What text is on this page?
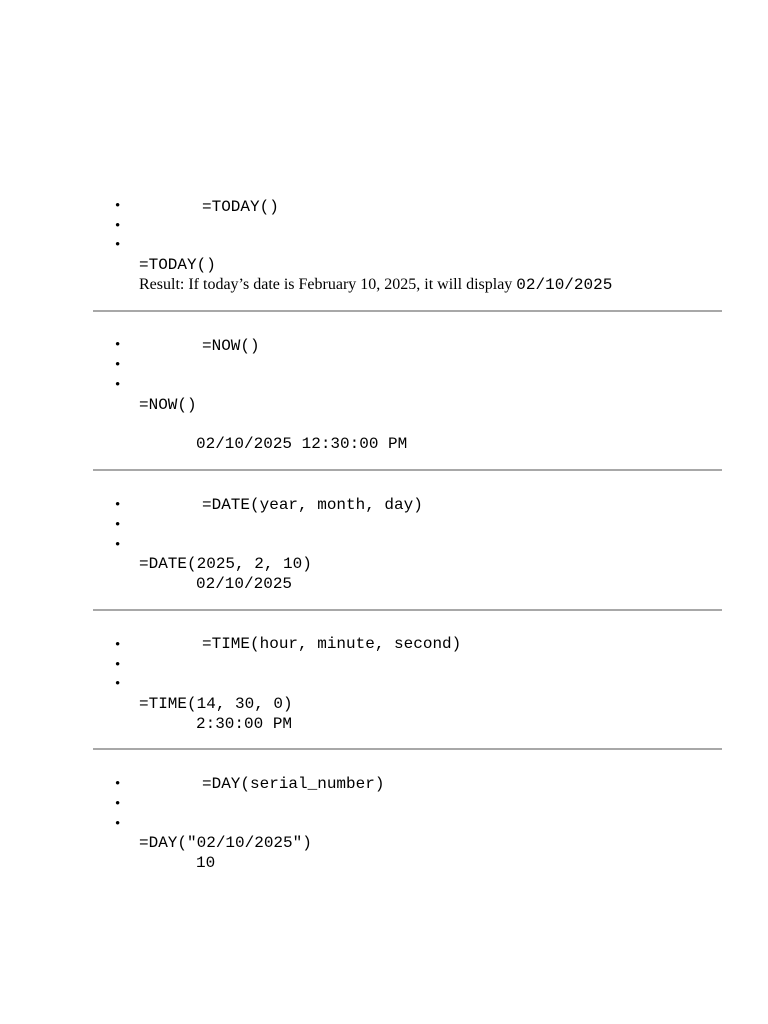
•
=TODAY()
•
•
=TODAY()
Result: If today’s date is February 10, 2025, it will display 02/10/2025
•
=NOW()
•
•
=NOW()
02/10/2025 12:30:00 PM
•
=DATE(year, month, day)
•
•
=DATE(2025, 2, 10)
02/10/2025
•
=TIME(hour, minute, second)
•
•
=TIME(14, 30, 0)
2:30:00 PM
•
=DAY(serial_number)
•
•
=DAY("02/10/2025")
10
